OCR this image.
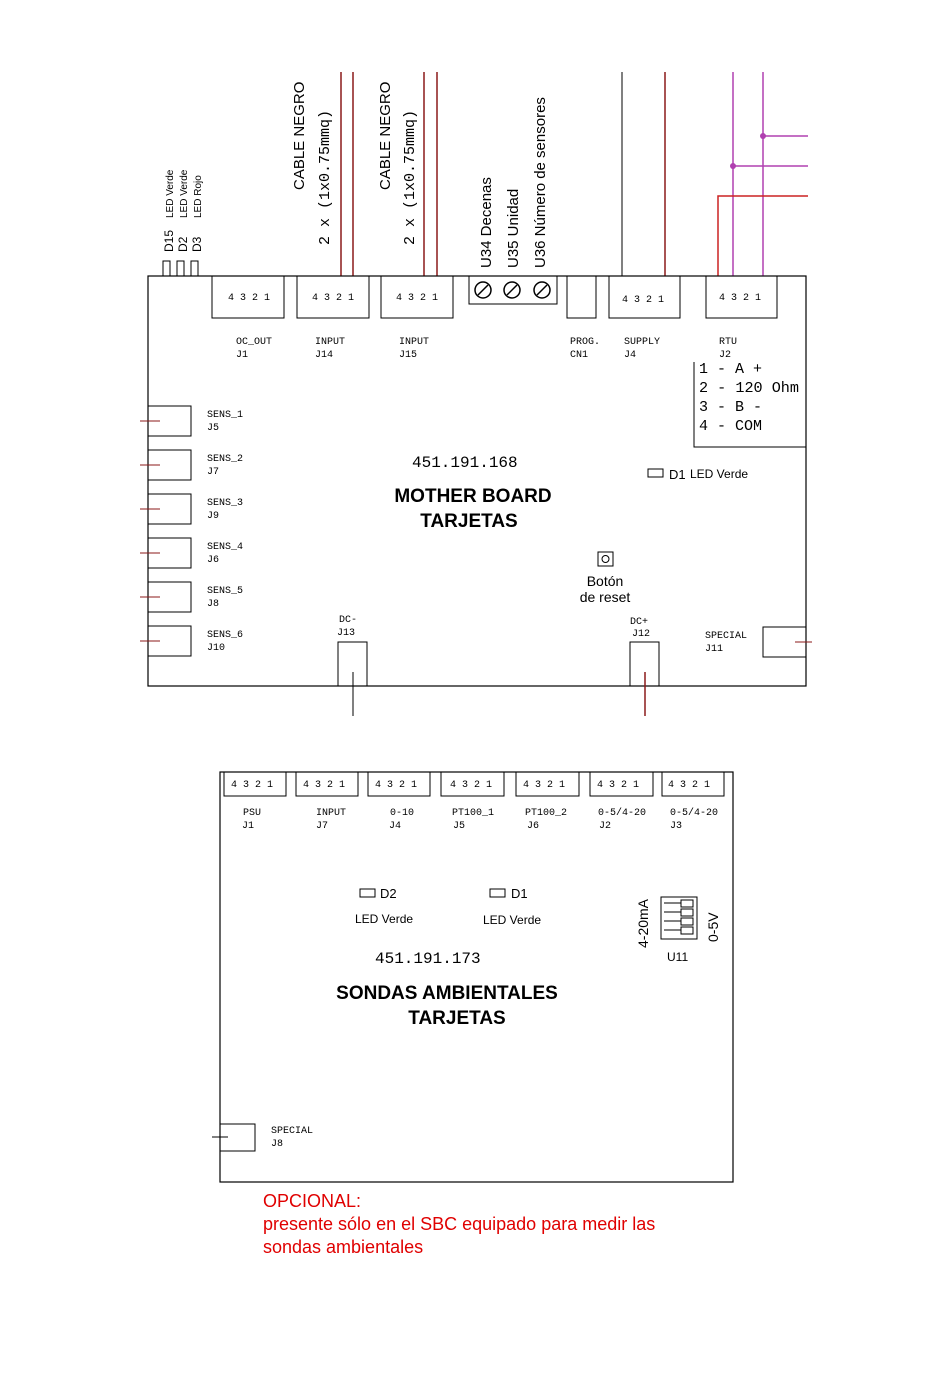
CABLE NEGRO 2 x (1x0.75mmq)	CABLE NEGRO 2 x (1x0.75mmq)
D15
LED Verde
D2
LED Verde
D3
LED Rojo	U34 Decenas U35 Unidad U36 Número de sensores
4 3 2 1
OC_OUT
J1
4 3 2 1
INPUT
J14
4 3 2 1
INPUT
J15
PROG.
CN1
4 3 2 1
SUPPLY
J4
4 3 2 1
RTU
J2
1 - A +
2 - 120 Ohm
3 - B -
4 - COM
SENS_1
J5
SENS_2
J7
SENS_3
J9
SENS_4
J6
SENS_5
J8
SENS_6
J10
451.191.168
MOTHER BOARD
TARJETAS
D1 LED Verde
Botón
de reset
DC-
J13
DC+
J12	SPECIAL
J11
4 3 2 1
PSU
J1
4 3 2 1
INPUT
J7
4 3 2 1
0-10
J4
4 3 2 1
PT100_1
J5
4 3 2 1
PT100_2
J6
4 3 2 1
0-5/4-20
J2
4 3 2 1
0-5/4-20
J3
D2
LED Verde
D1
LED Verde	4-20mA	0-5V
U11
451.191.173
SONDAS AMBIENTALES
TARJETAS
SPECIAL
J8
OPCIONAL:
presente sólo en el SBC equipado para medir las
sondas ambientales
